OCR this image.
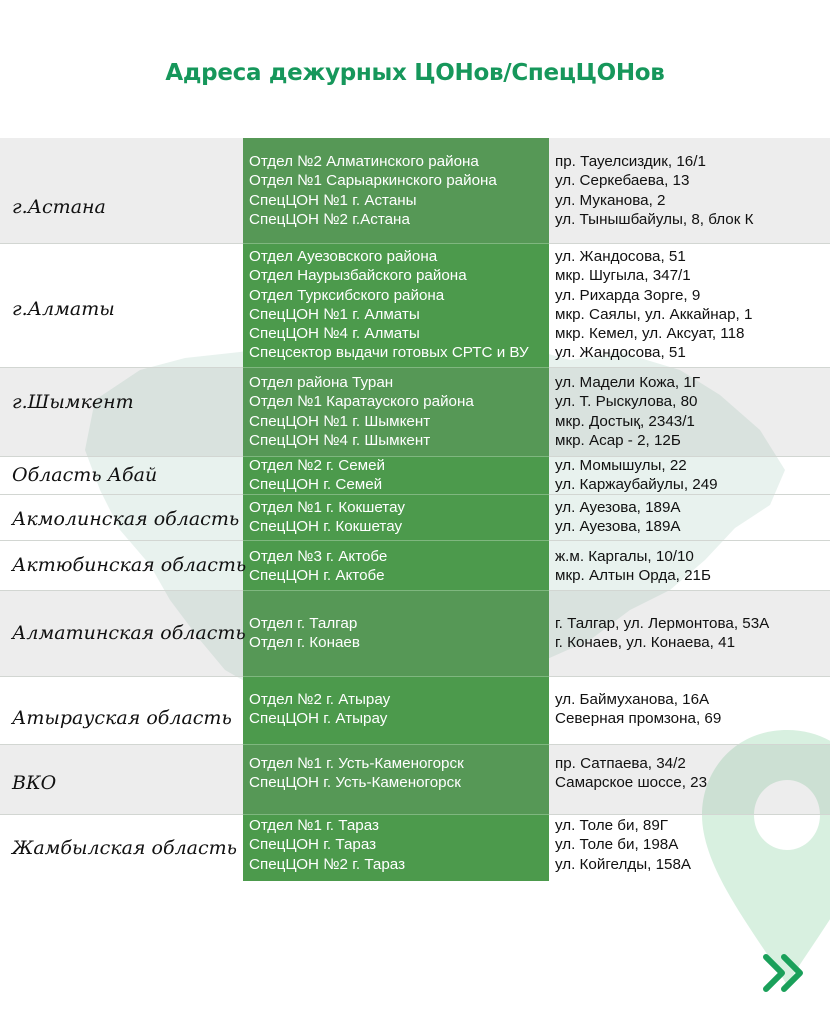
Адреса дежурных ЦОНов/СпецЦОНов
г.Астана
Отдел №2 Алматинского района
Отдел №1 Сарыаркинского района
СпецЦОН №1 г. Астаны
СпецЦОН №2 г.Астана
пр. Тауелсиздик, 16/1
ул. Серкебаева, 13
ул. Муканова, 2
ул. Тынышбайулы, 8, блок К
г.Алматы
Отдел Ауезовского района
Отдел Наурызбайского района
Отдел Турксибского района
СпецЦОН №1 г. Алматы
СпецЦОН №4 г. Алматы
Спецсектор выдачи готовых СРТС и ВУ
ул. Жандосова, 51
мкр. Шугыла, 347/1
ул. Рихарда Зорге, 9
мкр. Саялы, ул. Аккайнар, 1
мкр. Кемел, ул. Аксуат, 118
ул. Жандосова, 51
г.Шымкент
Отдел района Туран
Отдел №1 Каратауского района
СпецЦОН №1 г. Шымкент
СпецЦОН №4 г. Шымкент
ул. Мадели Кожа, 1Г
ул. Т. Рыскулова, 80
мкр. Достық, 2343/1
мкр. Асар - 2, 12Б
Область Абай	Отдел №2 г. Семей
СпецЦОН г. Семей
ул. Момышулы, 22
ул. Каржаубайулы, 249
Акмолинская область
Отдел №1 г. Кокшетау
СпецЦОН г. Кокшетау
ул. Ауезова, 189А
ул. Ауезова, 189А
Актюбинская область Отдел №3 г. Актобе
СпецЦОН г. Актобе
ж.м. Каргалы, 10/10
мкр. Алтын Орда, 21Б
Алматинская область Отдел г. Талгар
Отдел г. Конаев
г. Талгар, ул. Лермонтова, 53А
г. Конаев, ул. Конаева, 41
Атырауская область
Отдел №2 г. Атырау
СпецЦОН г. Атырау
ул. Баймуханова, 16А
Северная промзона, 69
ВКО
Отдел №1 г. Усть-Каменогорск
СпецЦОН г. Усть-Каменогорск
пр. Сатпаева, 34/2
Самарское шоссе, 23
Жамбылская область
Отдел №1 г. Тараз
СпецЦОН г. Тараз
СпецЦОН №2 г. Тараз
ул. Толе би, 89Г
ул. Толе би, 198А
ул. Койгелды, 158А
